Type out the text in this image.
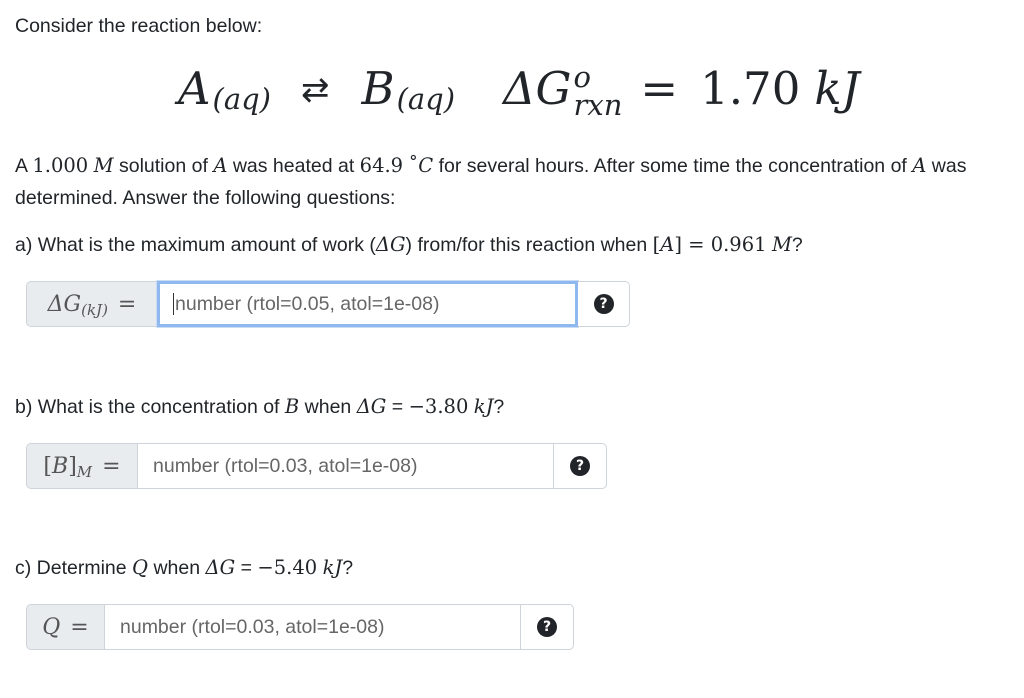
Consider the reaction below:
A (aq) ⇄ B (aq) ΔG o
rxn = 1.70 kJ
A 1.000 M solution of A was heated at 64.9 ˚C for several hours. After some time the concentration of A was determined. Answer the following questions:
a) What is the maximum amount of work (ΔG) from/for this reaction when [A] = 0.961 M?
ΔG (kJ) = number (rtol=0.05, atol=1e-08)	?
b) What is the concentration of B when ΔG = −3.80 kJ?
[ B ] M = number (rtol=0.03, atol=1e-08)	?
c) Determine Q when ΔG = −5.40 kJ?
Q = number (rtol=0.03, atol=1e-08)	?
